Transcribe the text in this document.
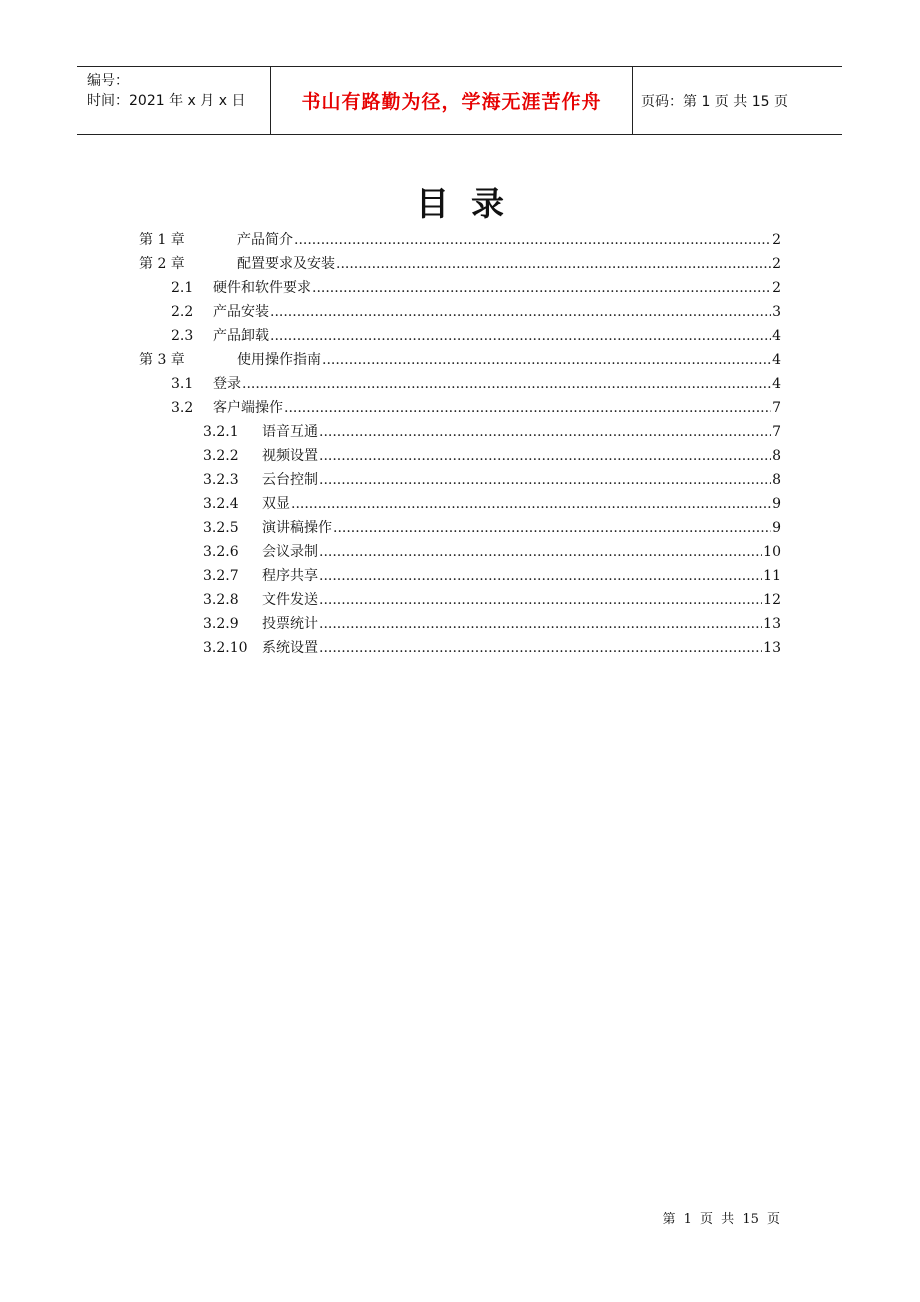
编号：
时间：2021 年 x 月 x 日	书山有路勤为径，学海无涯苦作舟	页码：第 1 页 共 15 页
目录
第 1 章	产品简介 .....	2
第 2 章	配置要求及安装 .....	2
2.1	硬件和软件要求 .....	2
2.2	产品安装 .....	3
2.3	产品卸载 .....	4
第 3 章	使用操作指南 .....	4
3.1	登录 .....	4
3.2	客户端操作 .....	7
3.2.1	语音互通 .....	7
3.2.2	视频设置 .....	8
3.2.3	云台控制 .....	8
3.2.4	双显 .....	9
3.2.5	演讲稿操作 .....	9
3.2.6	会议录制 .....	10
3.2.7	程序共享 .....	11
3.2.8	文件发送 .....	12
3.2.9	投票统计 .....	13
3.2.10	系统设置 .....	13
第 1 页 共 15 页
